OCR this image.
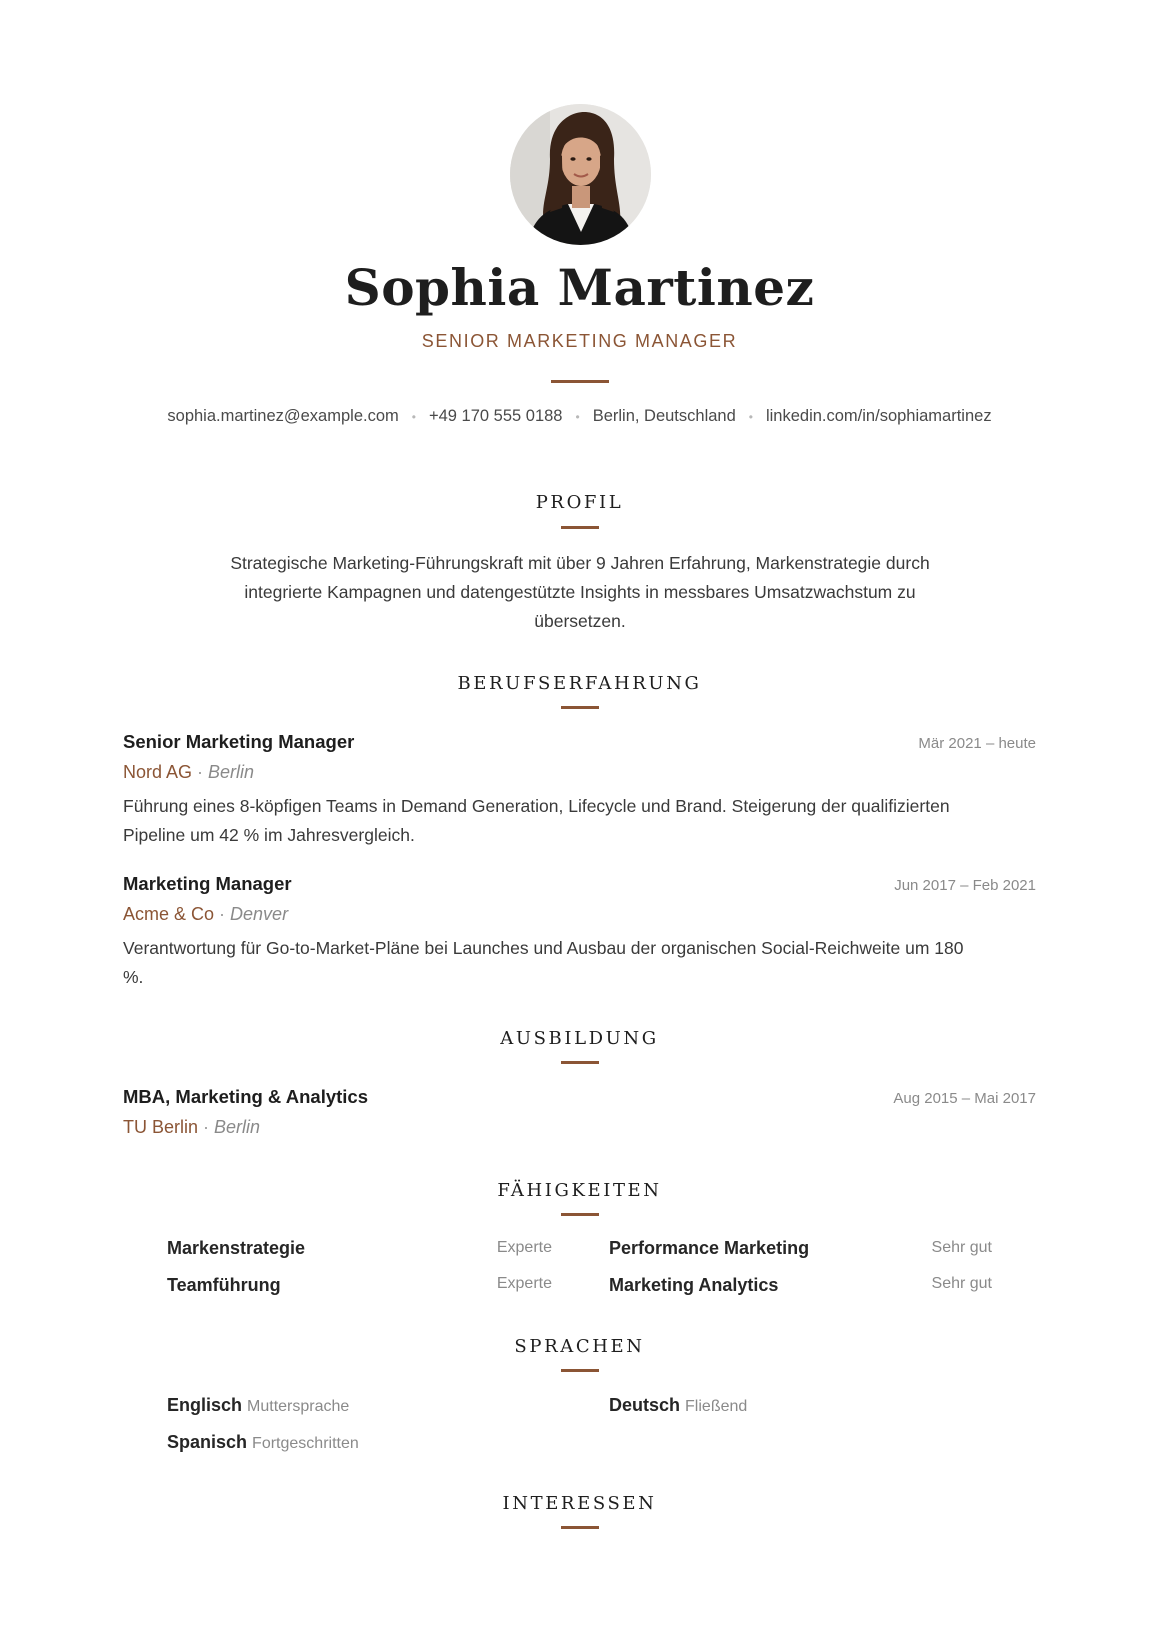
Sophia Martinez
SENIOR MARKETING MANAGER
sophia.martinez@example.com • +49 170 555 0188 • Berlin, Deutschland • linkedin.com/in/sophiamartinez
PROFIL
Strategische Marketing-Führungskraft mit über 9 Jahren Erfahrung, Markenstrategie durch
integrierte Kampagnen und datengestützte Insights in messbares Umsatzwachstum zu
übersetzen.
BERUFSERFAHRUNG
Senior Marketing Manager	Mär 2021 – heute
Nord AG · Berlin
Führung eines 8-köpfigen Teams in Demand Generation, Lifecycle und Brand. Steigerung der qualifizierten
Pipeline um 42 % im Jahresvergleich.
Marketing Manager	Jun 2017 – Feb 2021
Acme & Co · Denver
Verantwortung für Go-to-Market-Pläne bei Launches und Ausbau der organischen Social-Reichweite um 180
%.
AUSBILDUNG
MBA, Marketing & Analytics	Aug 2015 – Mai 2017
TU Berlin · Berlin
FÄHIGKEITEN
Markenstrategie	Experte	Performance Marketing	Sehr gut
Teamführung	Experte	Marketing Analytics	Sehr gut
SPRACHEN
Englisch Muttersprache	Deutsch Fließend
Spanisch Fortgeschritten
INTERESSEN
